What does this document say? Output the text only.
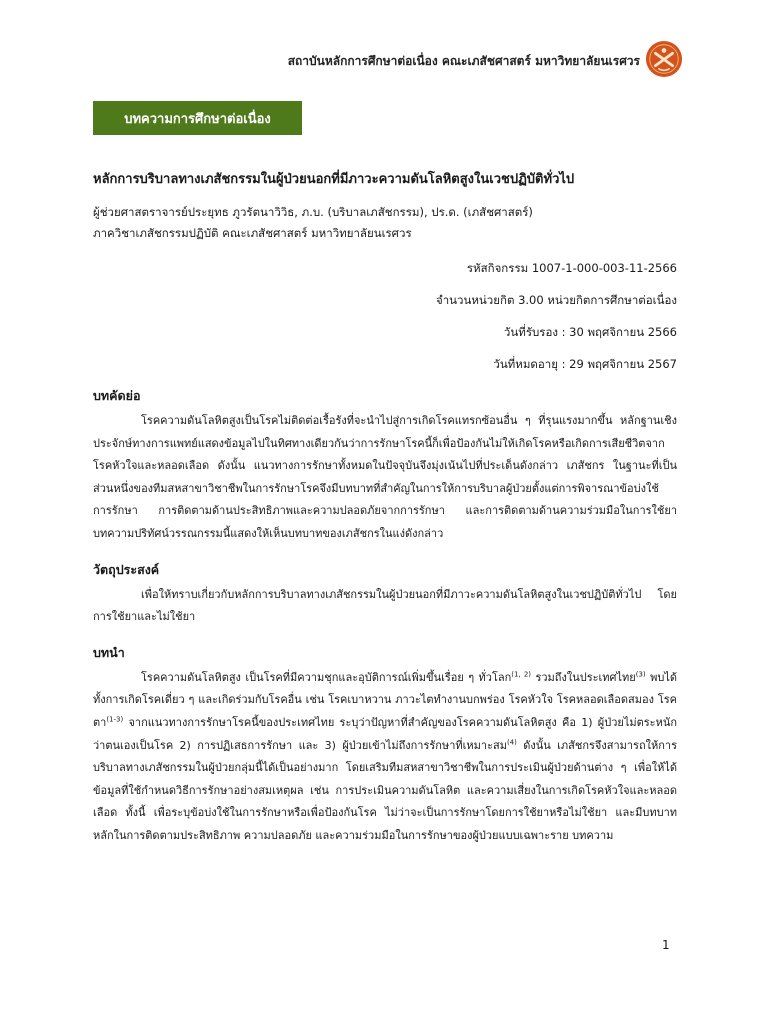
สถาบันหลักการศึกษาต่อเนื่อง คณะเภสัชศาสตร์ มหาวิทยาลัยนเรศวร
บทความการศึกษาต่อเนื่อง
หลักการบริบาลทางเภสัชกรรมในผู้ป่วยนอกที่มีภาวะความดันโลหิตสูงในเวชปฏิบัติทั่วไป
ผู้ช่วยศาสตราจารย์ประยุทธ ภูวรัตนาวิวิธ, ภ.บ. (บริบาลเภสัชกรรม), ปร.ด. (เภสัชศาสตร์)
ภาควิชาเภสัชกรรมปฏิบัติ คณะเภสัชศาสตร์ มหาวิทยาลัยนเรศวร
รหัสกิจกรรม 1007-1-000-003-11-2566
จำนวนหน่วยกิต 3.00 หน่วยกิตการศึกษาต่อเนื่อง
วันที่รับรอง : 30 พฤศจิกายน 2566
วันที่หมดอายุ : 29 พฤศจิกายน 2567
บทคัดย่อ

โรคความดันโลหิตสูงเป็นโรคไม่ติดต่อเรื้อรังที่จะนำไปสู่การเกิดโรคแทรกซ้อนอื่น ๆ ที่รุนแรงมากขึ้น หลักฐานเชิงประจักษ์ทางการแพทย์แสดงข้อมูลไปในทิศทางเดียวกันว่าการรักษาโรคนี้ก็เพื่อป้องกันไม่ให้เกิดโรคหรือเกิดการเสียชีวิตจากโรคหัวใจและหลอดเลือด ดังนั้น แนวทางการรักษาทั้งหมดในปัจจุบันจึงมุ่งเน้นไปที่ประเด็นดังกล่าว เภสัชกร ในฐานะที่เป็นส่วนหนึ่งของทีมสหสาขาวิชาชีพในการรักษาโรคจึงมีบทบาทที่สำคัญในการให้การบริบาลผู้ป่วยตั้งแต่การพิจารณาข้อบ่งใช้การรักษา การติดตามด้านประสิทธิภาพและความปลอดภัยจากการรักษา และการติดตามด้านความร่วมมือในการใช้ยา บทความปริทัศน์วรรณกรรมนี้แสดงให้เห็นบทบาทของเภสัชกรในแง่ดังกล่าว

วัตถุประสงค์

เพื่อให้ทราบเกี่ยวกับหลักการบริบาลทางเภสัชกรรมในผู้ป่วยนอกที่มีภาวะความดันโลหิตสูงในเวชปฏิบัติทั่วไป โดยการใช้ยาและไม่ใช้ยา

บทนำ

โรคความดันโลหิตสูง เป็นโรคที่มีความชุกและอุบัติการณ์เพิ่มขึ้นเรื่อย ๆ ทั่วโลก$^{(1, 2)}$ รวมถึงในประเทศไทย$^{(3)}$ พบได้ทั้งการเกิดโรคเดี่ยว ๆ และเกิดร่วมกับโรคอื่น เช่น โรคเบาหวาน ภาวะไตทำงานบกพร่อง โรคหัวใจ โรคหลอดเลือดสมอง โรคตา$^{(1-3)}$ จากแนวทางการรักษาโรคนี้ของประเทศไทย ระบุว่าปัญหาที่สำคัญของโรคความดันโลหิตสูง คือ 1) ผู้ป่วยไม่ตระหนักว่าตนเองเป็นโรค 2) การปฏิเสธการรักษา และ 3) ผู้ป่วยเข้าไม่ถึงการรักษาที่เหมาะสม$^{(4)}$ ดังนั้น เภสัชกรจึงสามารถให้การบริบาลทางเภสัชกรรมในผู้ป่วยกลุ่มนี้ได้เป็นอย่างมาก โดยเสริมทีมสหสาขาวิชาชีพในการประเมินผู้ป่วยด้านต่าง ๆ เพื่อให้ได้ข้อมูลที่ใช้กำหนดวิธีการรักษาอย่างสมเหตุผล เช่น การประเมินความดันโลหิต และความเสี่ยงในการเกิดโรคหัวใจและหลอดเลือด ทั้งนี้ เพื่อระบุข้อบ่งใช้ในการรักษาหรือเพื่อป้องกันโรค ไม่ว่าจะเป็นการรักษาโดยการใช้ยาหรือไม่ใช้ยา และมีบทบาทหลักในการติดตามประสิทธิภาพ ความปลอดภัย และความร่วมมือในการรักษาของผู้ป่วยแบบเฉพาะราย บทความ

1
